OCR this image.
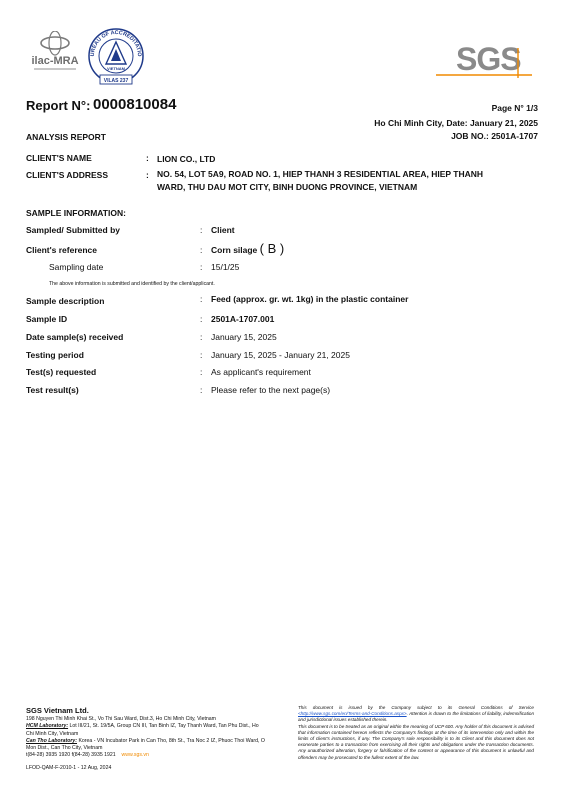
ilac-MRA
UREAU OF ACCREDITATIO
VIETNAM
VILAS 237
SGS
Report N°: 0000810084	Page N° 1/3
Ho Chi Minh City, Date: January 21, 2025
JOB NO.: 2501A-1707
ANALYSIS REPORT
CLIENT'S NAME	: LION CO., LTD
CLIENT'S ADDRESS	: NO. 54, LOT 5A9, ROAD NO. 1, HIEP THANH 3 RESIDENTIAL AREA, HIEP THANH WARD, THU DAU MOT CITY, BINH DUONG PROVINCE, VIETNAM
SAMPLE INFORMATION:
Sampled/ Submitted by	: Client
Client's reference	: Corn silage ( B )
Sampling date	: 15/1/25
The above information is submitted and identified by the client/applicant.
Sample description	: Feed (approx. gr. wt. 1kg) in the plastic container
Sample ID	: 2501A-1707.001
Date sample(s) received	: January 15, 2025
Testing period	: January 15, 2025 - January 21, 2025
Test(s) requested	: As applicant's requirement
Test result(s)	: Please refer to the next page(s)
SGS Vietnam Ltd.
198 Nguyen Thi Minh Khai St., Vo Thi Sau Ward, Dist.3, Ho Chi Minh City, Vietnam
HCM Laboratory: Lot III/21, St. 19/5A, Group CN III, Tan Binh IZ, Tay Thanh Ward, Tan Phu Dist., Ho Chi Minh City, Vietnam
Can Tho Laboratory: Korea - VN Incubator Park in Can Tho, 8th St., Tra Noc 2 IZ, Phuoc Thoi Ward, O Mon Dist., Can Tho City, Vietnam
t(84-28) 3935 1920 f(84-28) 3935 1921 www.sgs.vn
LFOD-QAM-F-2010-1 - 12 Aug, 2024
This document is issued by the Company subject to its General Conditions of Service <http://www.sgs.com/en/Terms-and-Conditions.aspx>. Attention is drawn to the limitations of liability, indemnification and jurisdictional issues established therein.
This document is to be treated as an original within the meaning of UCP 600. Any holder of this document is advised that information contained hereon reflects the Company's findings at the time of its intervention only and within the limits of client's instructions, if any. The Company's sole responsibility is to its Client and this document does not exonerate parties to a transaction from exercising all their rights and obligations under the transaction documents. Any unauthorized alteration, forgery or falsification of the content or appearance of this document is unlawful and offenders may be prosecuted to the fullest extent of the law.
